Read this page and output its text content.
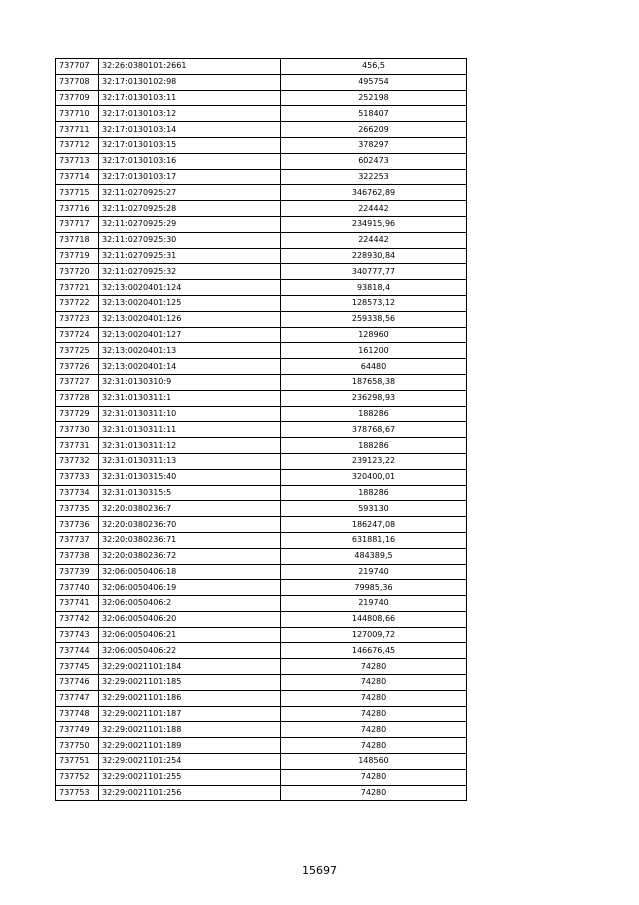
737707	32:26:0380101:2661	456,5
737708	32:17:0130102:98	495754
737709	32:17:0130103:11	252198
737710	32:17:0130103:12	518407
737711	32:17:0130103:14	266209
737712	32:17:0130103:15	378297
737713	32:17:0130103:16	602473
737714	32:17:0130103:17	322253
737715	32:11:0270925:27	346762,89
737716	32:11:0270925:28	224442
737717	32:11:0270925:29	234915,96
737718	32:11:0270925:30	224442
737719	32:11:0270925:31	228930,84
737720	32:11:0270925:32	340777,77
737721	32:13:0020401:124	93818,4
737722	32:13:0020401:125	128573,12
737723	32:13:0020401:126	259338,56
737724	32:13:0020401:127	128960
737725	32:13:0020401:13	161200
737726	32:13:0020401:14	64480
737727	32:31:0130310:9	187658,38
737728	32:31:0130311:1	236298,93
737729	32:31:0130311:10	188286
737730	32:31:0130311:11	378768,67
737731	32:31:0130311:12	188286
737732	32:31:0130311:13	239123,22
737733	32:31:0130315:40	320400,01
737734	32:31:0130315:5	188286
737735	32:20:0380236:7	593130
737736	32:20:0380236:70	186247,08
737737	32:20:0380236:71	631881,16
737738	32:20:0380236:72	484389,5
737739	32:06:0050406:18	219740
737740	32:06:0050406:19	79985,36
737741	32:06:0050406:2	219740
737742	32:06:0050406:20	144808,66
737743	32:06:0050406:21	127009,72
737744	32:06:0050406:22	146676,45
737745	32:29:0021101:184	74280
737746	32:29:0021101:185	74280
737747	32:29:0021101:186	74280
737748	32:29:0021101:187	74280
737749	32:29:0021101:188	74280
737750	32:29:0021101:189	74280
737751	32:29:0021101:254	148560
737752	32:29:0021101:255	74280
737753	32:29:0021101:256	74280
15697
